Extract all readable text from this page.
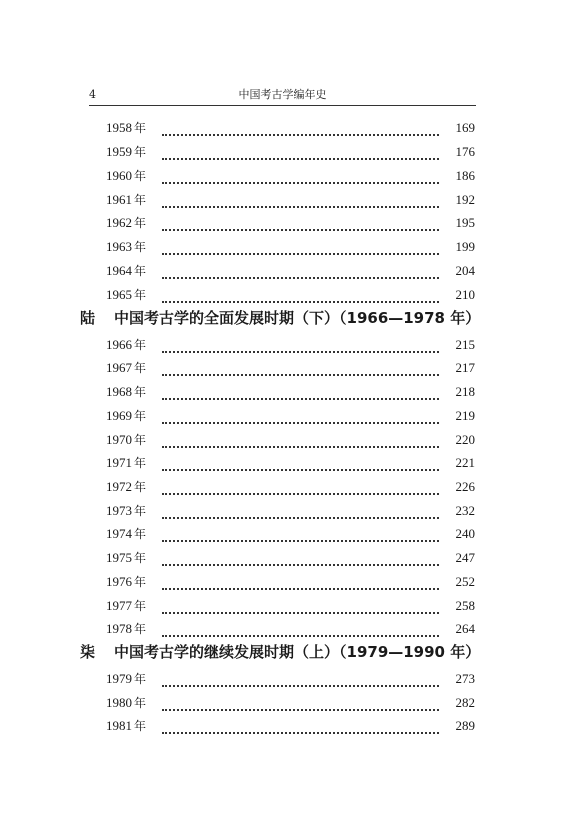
4	中国考古学编年史
1958 年	169
1959 年	176
1960 年	186
1961 年	192
1962 年	195
1963 年	199
1964 年	204
1965 年	210
陆 中国考古学的全面发展时期（下）（1966—1978 年）
1966 年	215
1967 年	217
1968 年	218
1969 年	219
1970 年	220
1971 年	221
1972 年	226
1973 年	232
1974 年	240
1975 年	247
1976 年	252
1977 年	258
1978 年	264
柒 中国考古学的继续发展时期（上）（1979—1990 年）
1979 年	273
1980 年	282
1981 年	289
